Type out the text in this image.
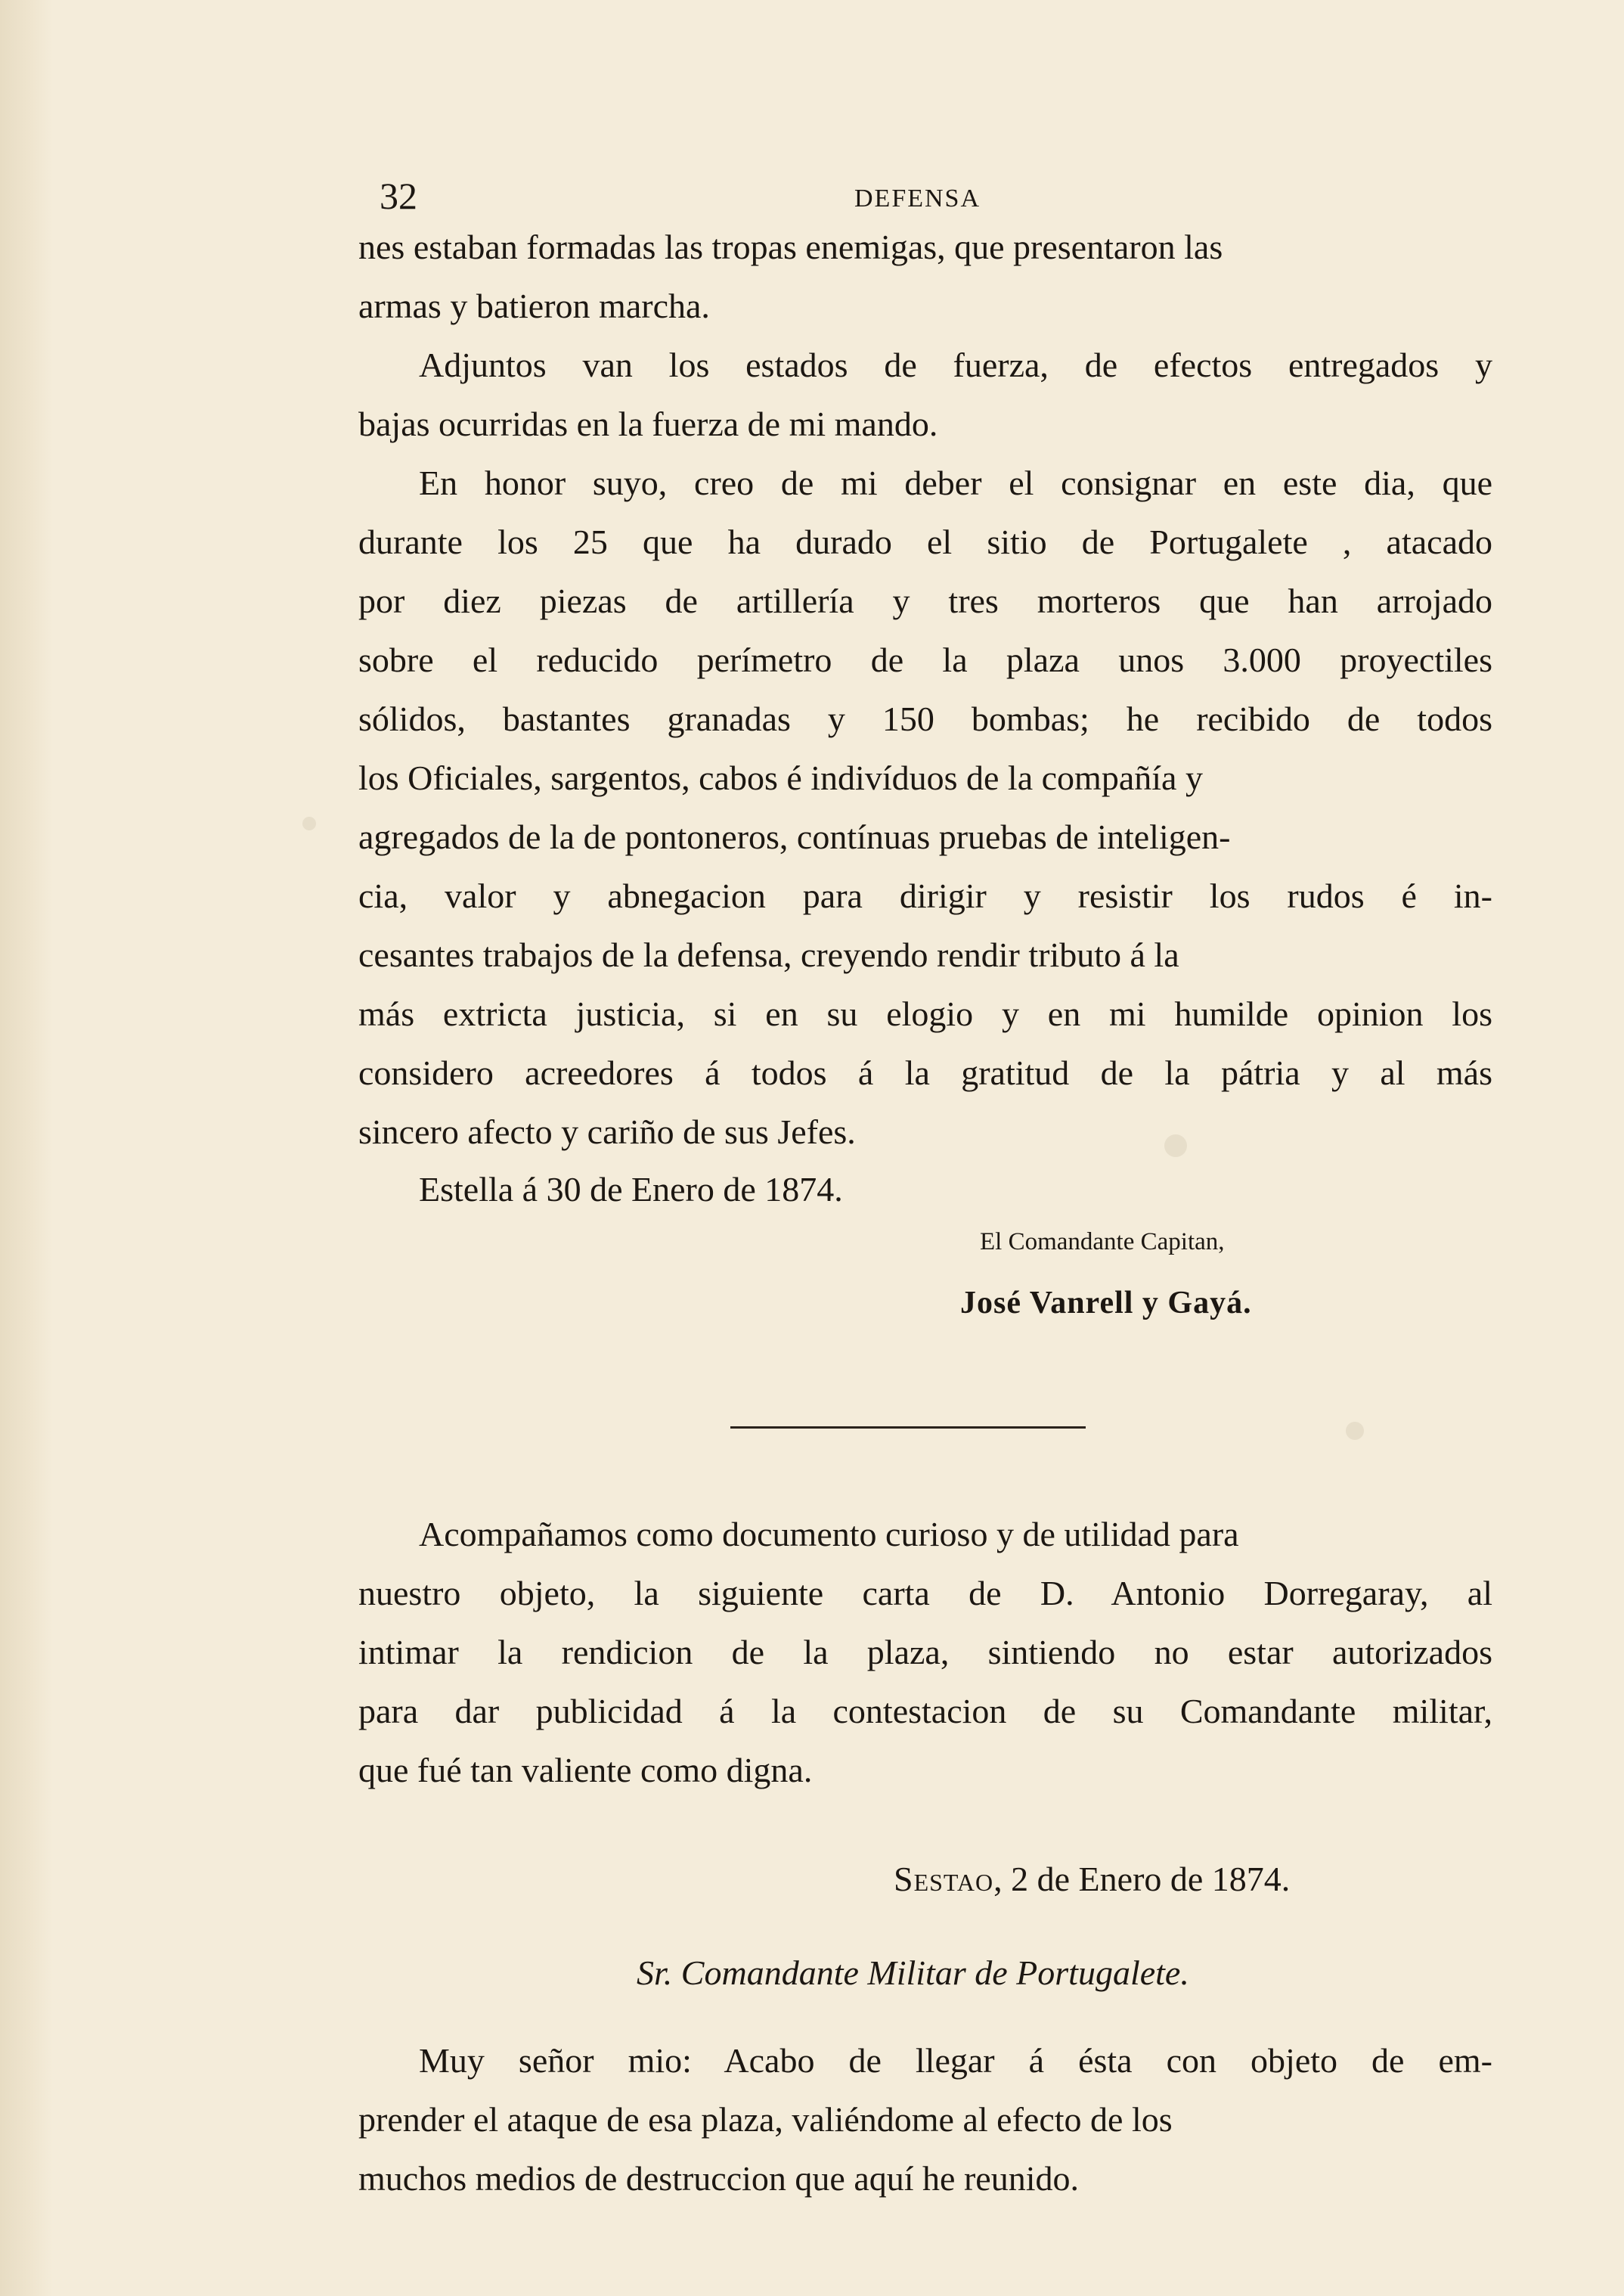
32	DEFENSA
nes estaban formadas las tropas enemigas, que presentaron las
armas y batieron marcha.
Adjuntos van los estados de fuerza, de efectos entregados y
bajas ocurridas en la fuerza de mi mando.
En honor suyo, creo de mi deber el consignar en este dia, que
durante los 25 que ha durado el sitio de Portugalete , atacado
por diez piezas de artillería y tres morteros que han arrojado
sobre el reducido perímetro de la plaza unos 3.000 proyectiles
sólidos, bastantes granadas y 150 bombas; he recibido de todos
los Oficiales, sargentos, cabos é indivíduos de la compañía y
agregados de la de pontoneros, contínuas pruebas de inteligen-
cia, valor y abnegacion para dirigir y resistir los rudos é in-
cesantes trabajos de la defensa, creyendo rendir tributo á la
más extricta justicia, si en su elogio y en mi humilde opinion los
considero acreedores á todos á la gratitud de la pátria y al más
sincero afecto y cariño de sus Jefes.
Estella á 30 de Enero de 1874.
El Comandante Capitan,
José Vanrell y Gayá.
Acompañamos como documento curioso y de utilidad para
nuestro objeto, la siguiente carta de D. Antonio Dorregaray, al
intimar la rendicion de la plaza, sintiendo no estar autorizados
para dar publicidad á la contestacion de su Comandante militar,
que fué tan valiente como digna.
Sestao, 2 de Enero de 1874.
Sr. Comandante Militar de Portugalete.
Muy señor mio: Acabo de llegar á ésta con objeto de em-
prender el ataque de esa plaza, valiéndome al efecto de los
muchos medios de destruccion que aquí he reunido.
